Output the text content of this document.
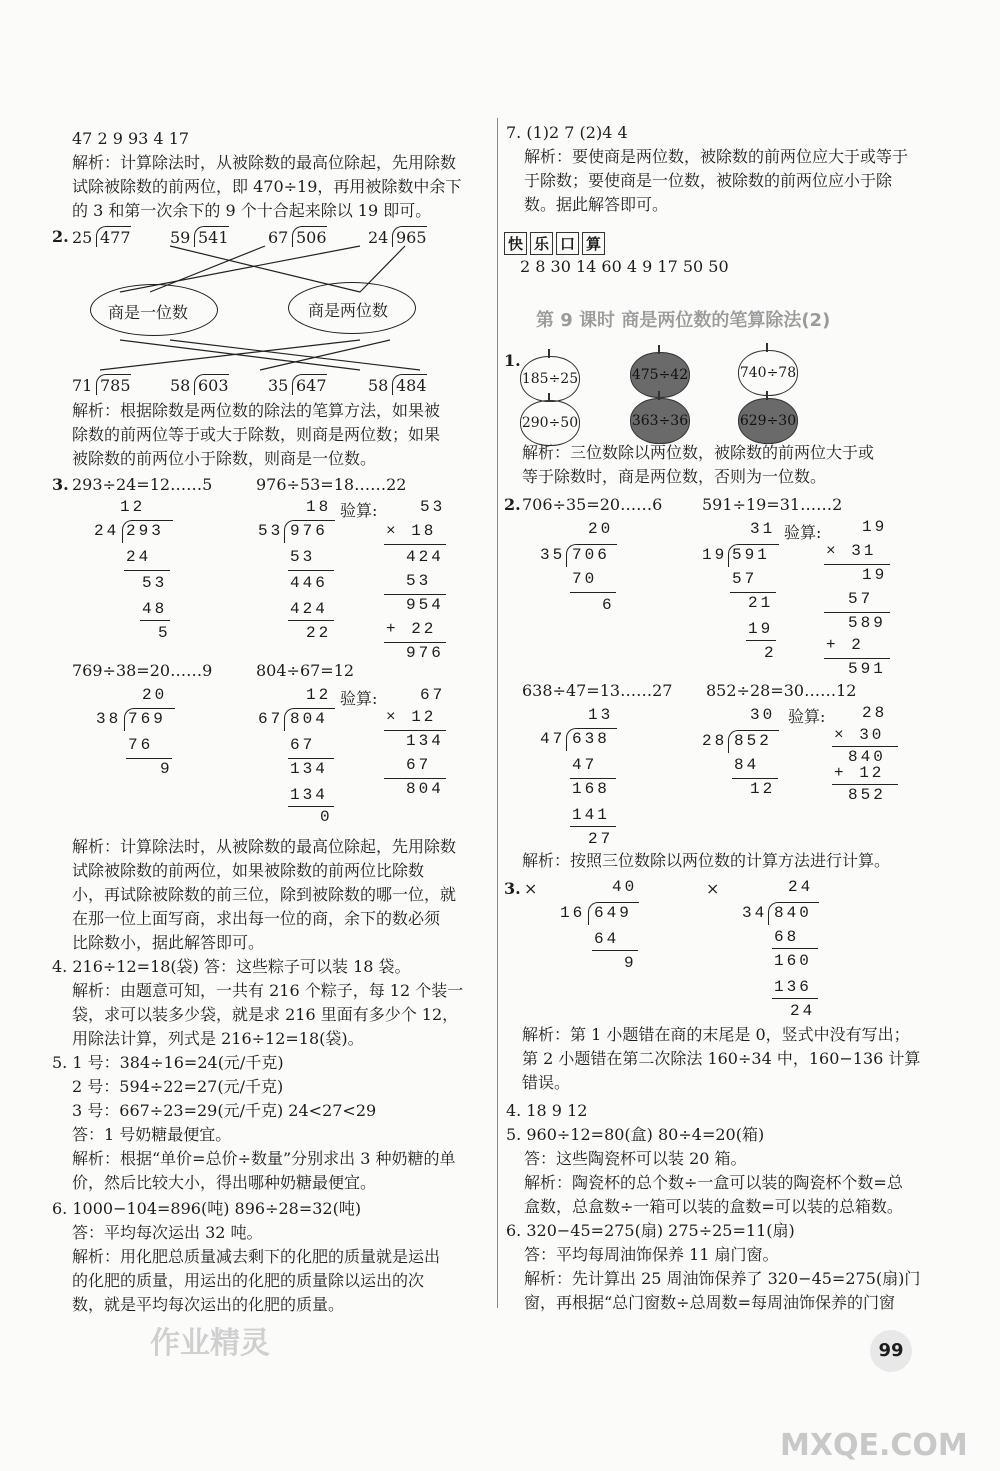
47 2 9 93 4 17
解析：计算除法时，从被除数的最高位除起，先用除数
试除被除数的前两位，即 470÷19，再用被除数中余下
的 3 和第一次余下的 9 个十合起来除以 19 即可。
2. 25 477 59 541 67 506	24 965
商是一位数	商是两位数
71 785 58 603 35 647	58 484
解析：根据除数是两位数的除法的笔算方法，如果被
除数的前两位等于或大于除数，则商是两位数；如果
被除数的前两位小于除数，则商是一位数。
3. 293÷24=12……5
12
24 293
24
53
48
5
976÷53=18……22
18
53 976
53
446
424
22
验算:	53
× 18
424
53
954
+ 22
976
769÷38=20……9
20
38 769
76
9
804÷67=12
12
67 804
67
134
134
0
验算:	67
× 12
134
67
804
解析：计算除法时，从被除数的最高位除起，先用除数
试除被除数的前两位，如果被除数的前两位比除数
小，再试除被除数的前三位，除到被除数的哪一位，就
在那一位上面写商，求出每一位的商，余下的数必须
比除数小，据此解答即可。
4. 216÷12=18(袋) 答：这些粽子可以装 18 袋。
解析：由题意可知，一共有 216 个粽子，每 12 个装一
袋，求可以装多少袋，就是求 216 里面有多少个 12，
用除法计算，列式是 216÷12=18(袋)。
5. 1 号：384÷16=24(元/千克)
2 号：594÷22=27(元/千克)
3 号：667÷23=29(元/千克) 24<27<29
答：1 号奶糖最便宜。
解析：根据“单价=总价÷数量”分别求出 3 种奶糖的单
价，然后比较大小，得出哪种奶糖最便宜。
6. 1000−104=896(吨) 896÷28=32(吨)
答：平均每次运出 32 吨。
解析：用化肥总质量减去剩下的化肥的质量就是运出
的化肥的质量，用运出的化肥的质量除以运出的次
数，就是平均每次运出的化肥的质量。
7. (1)2 7 (2)4 4
解析：要使商是两位数，被除数的前两位应大于或等于
于除数；要使商是一位数，被除数的前两位应小于除
数。据此解答即可。
快 乐 口 算
2 8 30 14 60 4 9 17 50 50
第 9 课时 商是两位数的笔算除法(2)
1.
185÷25	475÷42	740÷78
290÷50	363÷36	629÷30
解析：三位数除以两位数，被除数的前两位大于或
等于除数时，商是两位数，否则为一位数。
2. 706÷35=20……6
20
35 706
70
6
591÷19=31……2
31
19 591
57
21
19
2
验算:	19
× 31
19
57
589
+ 2
591
638÷47=13……27
13
47 638
47
168
141
27
852÷28=30……12
30
28 852
84
12
验算: 28
× 30
840
+ 12
852
解析：按照三位数除以两位数的计算方法进行计算。
3. ×	40
16 649
64
9
×	24
34 840
68
160
136
24
解析：第 1 小题错在商的末尾是 0，竖式中没有写出；
第 2 小题错在第二次除法 160÷34 中，160−136 计算
错误。
4. 18 9 12
5. 960÷12=80(盒) 80÷4=20(箱)
答：这些陶瓷杯可以装 20 箱。
解析：陶瓷杯的总个数÷一盒可以装的陶瓷杯个数=总
盒数，总盒数÷一箱可以装的盒数=可以装的总箱数。
6. 320−45=275(扇) 275÷25=11(扇)
答：平均每周油饰保养 11 扇门窗。
解析：先计算出 25 周油饰保养了 320−45=275(扇)门
窗，再根据“总门窗数÷总周数=每周油饰保养的门窗
99
作业精灵
MXQE.COM
